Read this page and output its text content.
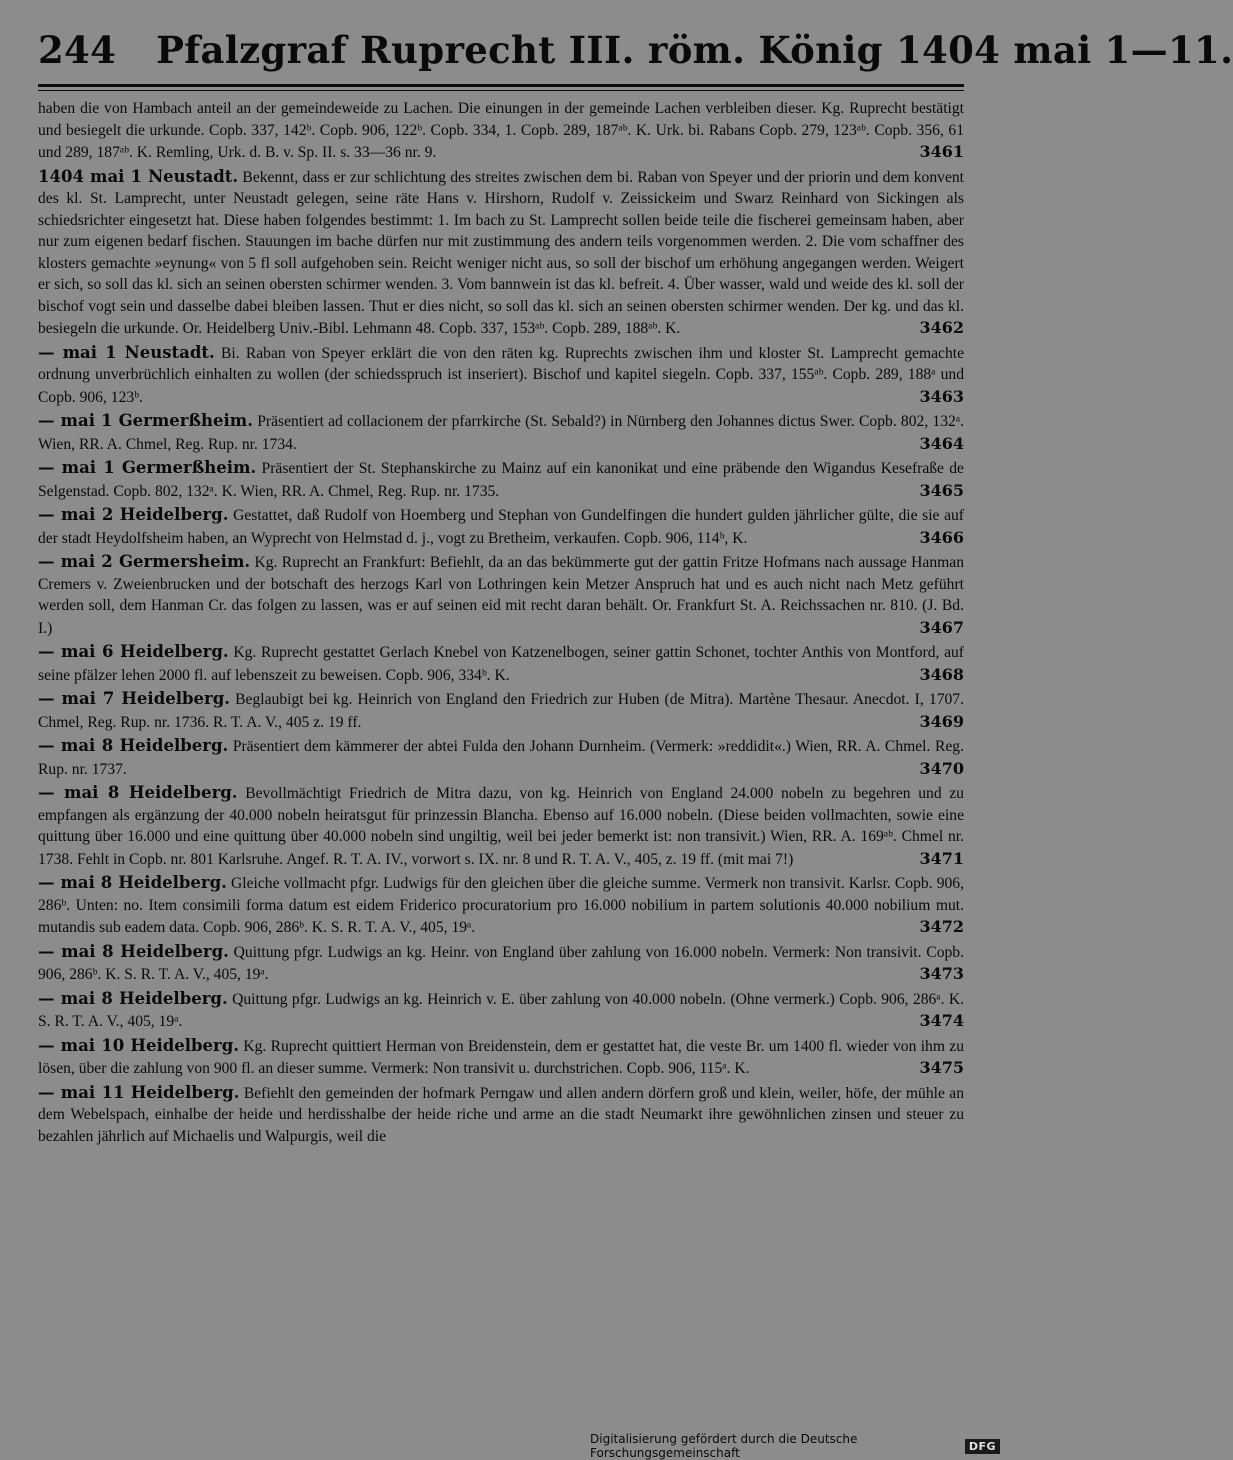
244 Pfalzgraf Ruprecht III. röm. König 1404 mai 1—11.
haben die von Hambach anteil an der gemeindeweide zu Lachen. Die einungen in der gemeinde Lachen verbleiben dieser. Kg. Ruprecht bestätigt und besiegelt die urkunde. Copb. 337, 142ᵇ. Copb. 906, 122ᵇ. Copb. 334, 1. Copb. 289, 187ᵃᵇ. K. Urk. bi. Rabans Copb. 279, 123ᵃᵇ. Copb. 356, 61 und 289, 187ᵃᵇ. K. Remling, Urk. d. B. v. Sp. II. s. 33—36 nr. 9.	3461
1404 mai 1 Neustadt. Bekennt, dass er zur schlichtung des streites zwischen dem bi. Raban von Speyer und der priorin und dem konvent des kl. St. Lamprecht, unter Neustadt gelegen, seine räte Hans v. Hirshorn, Rudolf v. Zeissickeim und Swarz Reinhard von Sickingen als schiedsrichter eingesetzt hat. Diese haben folgendes bestimmt: 1. Im bach zu St. Lamprecht sollen beide teile die fischerei gemeinsam haben, aber nur zum eigenen bedarf fischen. Stauungen im bache dürfen nur mit zustimmung des andern teils vorgenommen werden. 2. Die vom schaffner des klosters gemachte »eynung« von 5 fl soll aufgehoben sein. Reicht weniger nicht aus, so soll der bischof um erhöhung angegangen werden. Weigert er sich, so soll das kl. sich an seinen obersten schirmer wenden. 3. Vom bannwein ist das kl. befreit. 4. Über wasser, wald und weide des kl. soll der bischof vogt sein und dasselbe dabei bleiben lassen. Thut er dies nicht, so soll das kl. sich an seinen obersten schirmer wenden. Der kg. und das kl. besiegeln die urkunde. Or. Heidelberg Univ.-Bibl. Lehmann 48. Copb. 337, 153ᵃᵇ. Copb. 289, 188ᵃᵇ. K.	3462
— mai 1 Neustadt. Bi. Raban von Speyer erklärt die von den räten kg. Ruprechts zwischen ihm und kloster St. Lamprecht gemachte ordnung unverbrüchlich einhalten zu wollen (der schiedsspruch ist inseriert). Bischof und kapitel siegeln. Copb. 337, 155ᵃᵇ. Copb. 289, 188ᵃ und Copb. 906, 123ᵇ.	3463
— mai 1 Germerßheim. Präsentiert ad collacionem der pfarrkirche (St. Sebald?) in Nürnberg den Johannes dictus Swer. Copb. 802, 132ᵃ. Wien, RR. A. Chmel, Reg. Rup. nr. 1734.	3464
— mai 1 Germerßheim. Präsentiert der St. Stephanskirche zu Mainz auf ein kanonikat und eine präbende den Wigandus Kesefraße de Selgenstad. Copb. 802, 132ᵃ. K. Wien, RR. A. Chmel, Reg. Rup. nr. 1735.	3465
— mai 2 Heidelberg. Gestattet, daß Rudolf von Hoemberg und Stephan von Gundelfingen die hundert gulden jährlicher gülte, die sie auf der stadt Heydolfsheim haben, an Wyprecht von Helmstad d. j., vogt zu Bretheim, verkaufen. Copb. 906, 114ᵇ, K.	3466
— mai 2 Germersheim. Kg. Ruprecht an Frankfurt: Befiehlt, da an das bekümmerte gut der gattin Fritze Hofmans nach aussage Hanman Cremers v. Zweienbrucken und der botschaft des herzogs Karl von Lothringen kein Metzer Anspruch hat und es auch nicht nach Metz geführt werden soll, dem Hanman Cr. das folgen zu lassen, was er auf seinen eid mit recht daran behält. Or. Frankfurt St. A. Reichssachen nr. 810. (J. Bd. I.)	3467
— mai 6 Heidelberg. Kg. Ruprecht gestattet Gerlach Knebel von Katzenelbogen, seiner gattin Schonet, tochter Anthis von Montford, auf seine pfälzer lehen 2000 fl. auf lebenszeit zu beweisen. Copb. 906, 334ᵇ. K.	3468
— mai 7 Heidelberg. Beglaubigt bei kg. Heinrich von England den Friedrich zur Huben (de Mitra). Martène Thesaur. Anecdot. I, 1707. Chmel, Reg. Rup. nr. 1736. R. T. A. V., 405 z. 19 ff.	3469
— mai 8 Heidelberg. Präsentiert dem kämmerer der abtei Fulda den Johann Durnheim. (Vermerk: »reddidit«.) Wien, RR. A. Chmel. Reg. Rup. nr. 1737.	3470
— mai 8 Heidelberg. Bevollmächtigt Friedrich de Mitra dazu, von kg. Heinrich von England 24.000 nobeln zu begehren und zu empfangen als ergänzung der 40.000 nobeln heiratsgut für prinzessin Blancha. Ebenso auf 16.000 nobeln. (Diese beiden vollmachten, sowie eine quittung über 16.000 und eine quittung über 40.000 nobeln sind ungiltig, weil bei jeder bemerkt ist: non transivit.) Wien, RR. A. 169ᵃᵇ. Chmel nr. 1738. Fehlt in Copb. nr. 801 Karlsruhe. Angef. R. T. A. IV., vorwort s. IX. nr. 8 und R. T. A. V., 405, z. 19 ff. (mit mai 7!)	3471
— mai 8 Heidelberg. Gleiche vollmacht pfgr. Ludwigs für den gleichen über die gleiche summe. Vermerk non transivit. Karlsr. Copb. 906, 286ᵇ. Unten: no. Item consimili forma datum est eidem Friderico procuratorium pro 16.000 nobilium in partem solutionis 40.000 nobilium mut. mutandis sub eadem data. Copb. 906, 286ᵇ. K. S. R. T. A. V., 405, 19ᵃ.	3472
— mai 8 Heidelberg. Quittung pfgr. Ludwigs an kg. Heinr. von England über zahlung von 16.000 nobeln. Vermerk: Non transivit. Copb. 906, 286ᵇ. K. S. R. T. A. V., 405, 19ᵃ.	3473
— mai 8 Heidelberg. Quittung pfgr. Ludwigs an kg. Heinrich v. E. über zahlung von 40.000 nobeln. (Ohne vermerk.) Copb. 906, 286ᵃ. K. S. R. T. A. V., 405, 19ᵃ.	3474
— mai 10 Heidelberg. Kg. Ruprecht quittiert Herman von Breidenstein, dem er gestattet hat, die veste Br. um 1400 fl. wieder von ihm zu lösen, über die zahlung von 900 fl. an dieser summe. Vermerk: Non transivit u. durchstrichen. Copb. 906, 115ᵃ. K.	3475
— mai 11 Heidelberg. Befiehlt den gemeinden der hofmark Perngaw und allen andern dörfern groß und klein, weiler, höfe, der mühle an dem Webelspach, einhalbe der heide und herdisshalbe der heide riche und arme an die stadt Neumarkt ihre gewöhnlichen zinsen und steuer zu bezahlen jährlich auf Michaelis und Walpurgis, weil die
Digitalisierung gefördert durch die Deutsche Forschungsgemeinschaft	DFG
